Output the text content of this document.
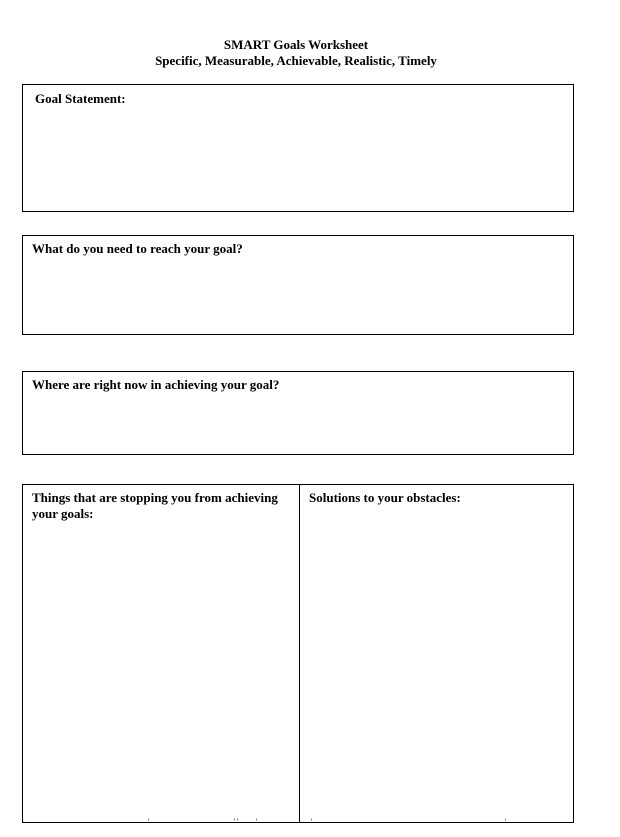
SMART Goals Worksheet
Specific, Measurable, Achievable, Realistic, Timely
Goal Statement:
What do you need to reach your goal?
Where are right now in achieving your goal?
Things that are stopping you from achieving your goals:
Solutions to your obstacles:
ʼ	ʼʼ ʼ	ʼ	ʼ
